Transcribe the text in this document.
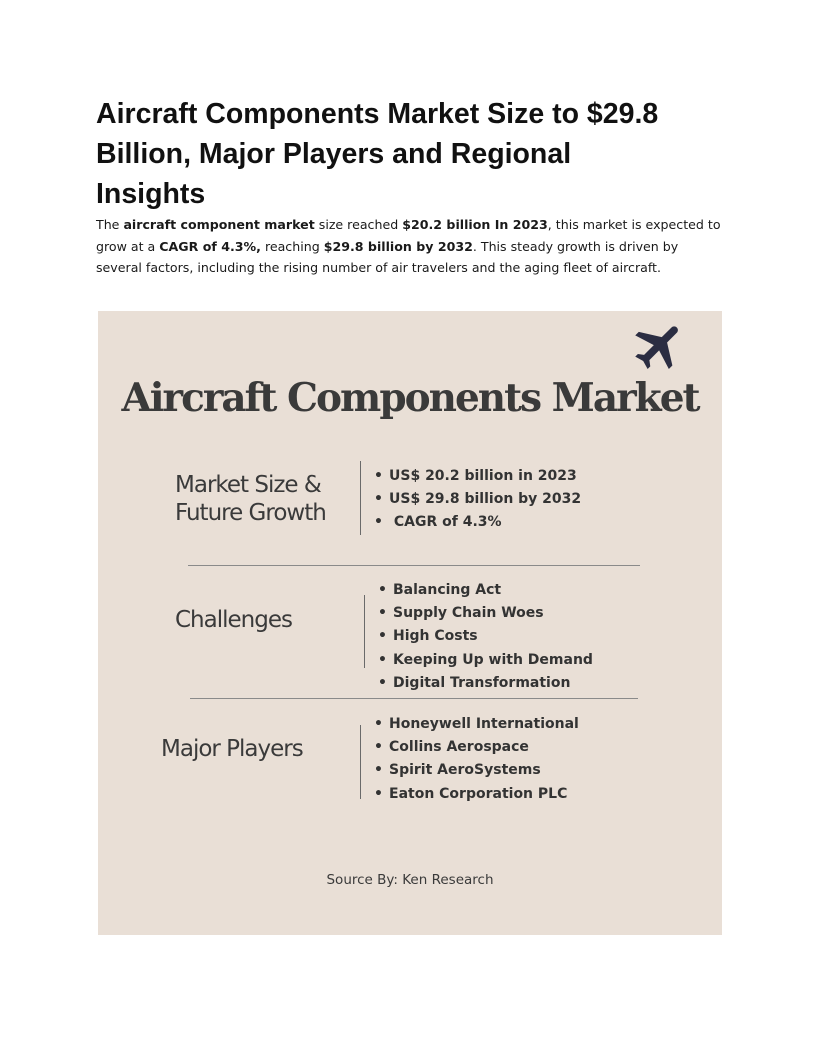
Aircraft Components Market Size to $29.8
Billion, Major Players and Regional
Insights

The aircraft component market size reached $20.2 billion In 2023, this market is expected to grow at a CAGR of 4.3%, reaching $29.8 billion by 2032. This steady growth is driven by several factors, including the rising number of air travelers and the aging fleet of aircraft.

Aircraft Components Market
Market Size &
Future Growth
• US$ 20.2 billion in 2023
• US$ 29.8 billion by 2032
• CAGR of 4.3%
Challenges
• Balancing Act
• Supply Chain Woes
• High Costs
• Keeping Up with Demand
• Digital Transformation
Major Players
• Honeywell International
• Collins Aerospace
• Spirit AeroSystems
• Eaton Corporation PLC

Source By: Ken Research
